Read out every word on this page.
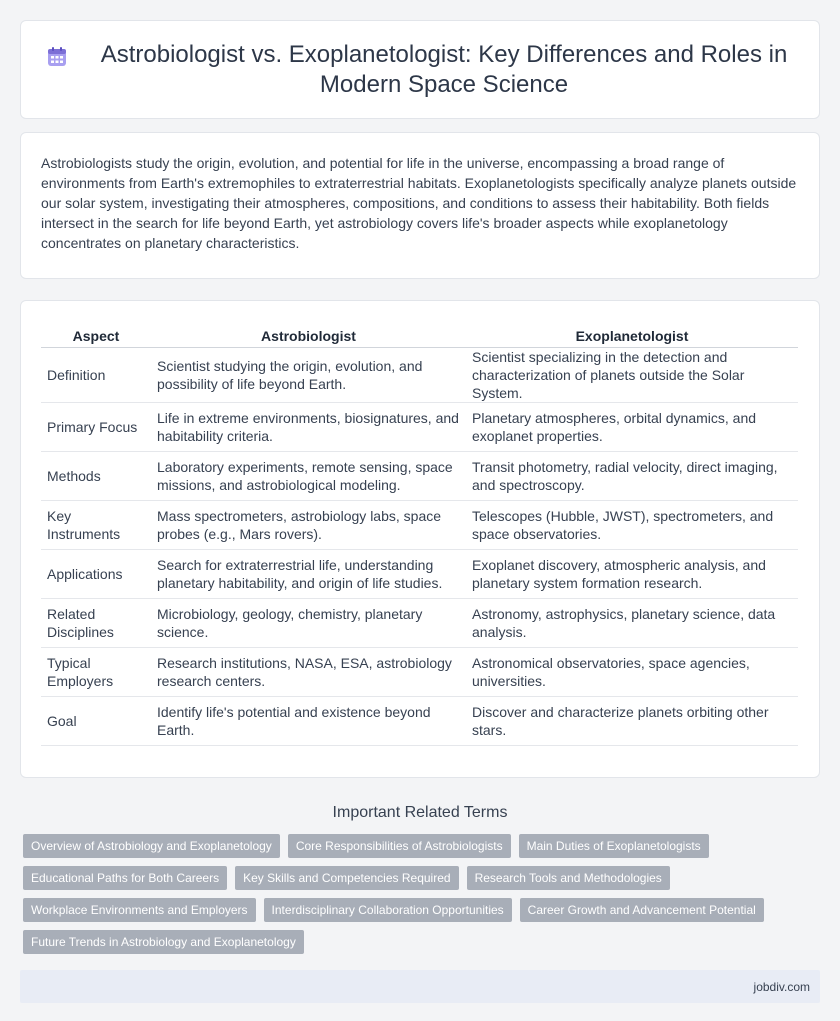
Astrobiologist vs. Exoplanetologist: Key Differences and Roles in Modern Space Science

Astrobiologists study the origin, evolution, and potential for life in the universe, encompassing a broad range of environments from Earth's extremophiles to extraterrestrial habitats. Exoplanetologists specifically analyze planets outside our solar system, investigating their atmospheres, compositions, and conditions to assess their habitability. Both fields intersect in the search for life beyond Earth, yet astrobiology covers life's broader aspects while exoplanetology concentrates on planetary characteristics.

Aspect	Astrobiologist	Exoplanetologist
Definition	Scientist studying the origin, evolution, and possibility of life beyond Earth.	Scientist specializing in the detection and characterization of planets outside the Solar System.
Primary Focus	Life in extreme environments, biosignatures, and habitability criteria.	Planetary atmospheres, orbital dynamics, and exoplanet properties.
Methods	Laboratory experiments, remote sensing, space missions, and astrobiological modeling.	Transit photometry, radial velocity, direct imaging, and spectroscopy.
Key Instruments	Mass spectrometers, astrobiology labs, space probes (e.g., Mars rovers).	Telescopes (Hubble, JWST), spectrometers, and space observatories.
Applications	Search for extraterrestrial life, understanding planetary habitability, and origin of life studies.	Exoplanet discovery, atmospheric analysis, and planetary system formation research.
Related Disciplines	Microbiology, geology, chemistry, planetary science.	Astronomy, astrophysics, planetary science, data analysis.
Typical Employers	Research institutions, NASA, ESA, astrobiology research centers.	Astronomical observatories, space agencies, universities.
Goal	Identify life's potential and existence beyond Earth.	Discover and characterize planets orbiting other stars.
Important Related Terms
Overview of Astrobiology and Exoplanetology	Core Responsibilities of Astrobiologists	Main Duties of Exoplanetologists
Educational Paths for Both Careers	Key Skills and Competencies Required	Research Tools and Methodologies
Workplace Environments and Employers	Interdisciplinary Collaboration Opportunities	Career Growth and Advancement Potential
Future Trends in Astrobiology and Exoplanetology
jobdiv.com
